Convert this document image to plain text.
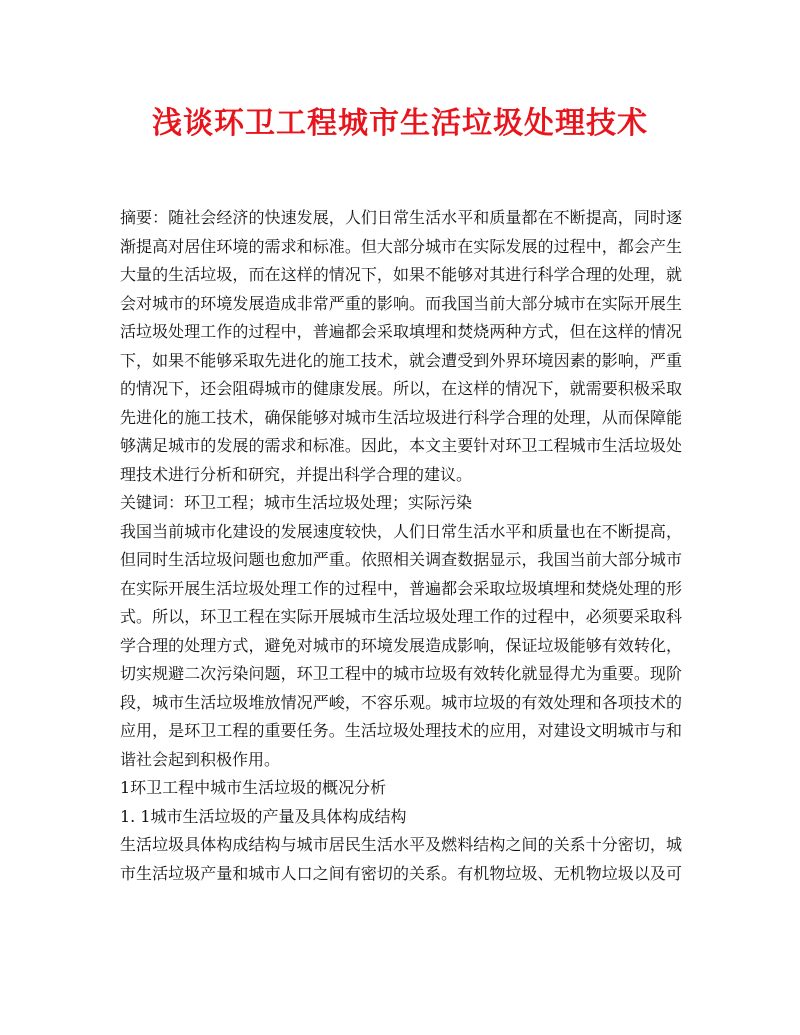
浅谈环卫工程城市生活垃圾处理技术
摘要：随社会经济的快速发展，人们日常生活水平和质量都在不断提高，同时逐
渐提高对居住环境的需求和标准。但大部分城市在实际发展的过程中，都会产生
大量的生活垃圾，而在这样的情况下，如果不能够对其进行科学合理的处理，就
会对城市的环境发展造成非常严重的影响。而我国当前大部分城市在实际开展生
活垃圾处理工作的过程中，普遍都会采取填埋和焚烧两种方式，但在这样的情况
下，如果不能够采取先进化的施工技术，就会遭受到外界环境因素的影响，严重
的情况下，还会阻碍城市的健康发展。所以，在这样的情况下，就需要积极采取
先进化的施工技术，确保能够对城市生活垃圾进行科学合理的处理，从而保障能
够满足城市的发展的需求和标准。因此，本文主要针对环卫工程城市生活垃圾处
理技术进行分析和研究，并提出科学合理的建议。
关键词：环卫工程；城市生活垃圾处理；实际污染
我国当前城市化建设的发展速度较快，人们日常生活水平和质量也在不断提高，
但同时生活垃圾问题也愈加严重。依照相关调查数据显示，我国当前大部分城市
在实际开展生活垃圾处理工作的过程中，普遍都会采取垃圾填埋和焚烧处理的形
式。所以，环卫工程在实际开展城市生活垃圾处理工作的过程中，必须要采取科
学合理的处理方式，避免对城市的环境发展造成影响，保证垃圾能够有效转化，
切实规避二次污染问题，环卫工程中的城市垃圾有效转化就显得尤为重要。现阶
段，城市生活垃圾堆放情况严峻，不容乐观。城市垃圾的有效处理和各项技术的
应用，是环卫工程的重要任务。生活垃圾处理技术的应用，对建设文明城市与和
谐社会起到积极作用。
1环卫工程中城市生活垃圾的概况分析
1. 1城市生活垃圾的产量及具体构成结构
生活垃圾具体构成结构与城市居民生活水平及燃料结构之间的关系十分密切，城
市生活垃圾产量和城市人口之间有密切的关系。有机物垃圾、无机物垃圾以及可
